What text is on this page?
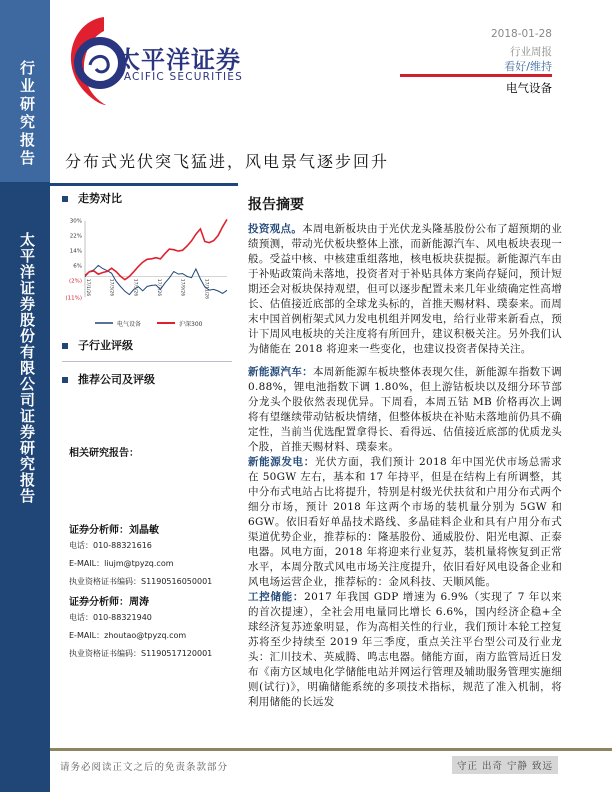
行业研究报告
太平洋证券股份有限公司证券研究报告
太平洋证券
PACIFIC SECURITIES
2018-01-28
行业周报
看好/维持
电气设备
分布式光伏突飞猛进，风电景气逐步回升
走势对比
30%
22%
14%
6%
(2%)
(11%)
17/1/26	17/3/26	17/5/26	17/7/26	17/9/26	17/11/26
电气设备	沪深300
子行业评级
推荐公司及评级
相关研究报告：
证券分析师：刘晶敏
电话：010-88321616
E-MAIL：liujm@tpyzq.com
执业资格证书编码：S1190516050001
证券分析师：周涛
电话：010-88321940
E-MAIL：zhoutao@tpyzq.com
执业资格证书编码：S1190517120001
报告摘要
投资观点。本周电新板块由于光伏龙头隆基股份公布了超预期的业绩预测，带动光伏板块整体上涨，而新能源汽车、风电板块表现一般。受益中核、中核建重组落地，核电板块获提振。新能源汽车由于补贴政策尚未落地，投资者对于补贴具体方案尚存疑问，预计短期还会对板块保持观望，但可以逐步配置未来几年业绩确定性高增长、估值接近底部的全球龙头标的，首推天赐材料、璞泰来。而周末中国首例桁架式风力发电机组并网发电，给行业带来新看点，预计下周风电板块的关注度将有所回升，建议积极关注。另外我们认为储能在 2018 将迎来一些变化，也建议投资者保持关注。
新能源汽车：本周新能源车板块整体表现欠佳，新能源车指数下调 0.88%，锂电池指数下调 1.80%，但上游钴板块以及细分环节部分龙头个股依然表现优异。下周看，本周五钴 MB 价格再次上调将有望继续带动钴板块情绪，但整体板块在补贴未落地前仍具不确定性，当前当优选配置拿得长、看得远、估值接近底部的优质龙头个股，首推天赐材料、璞泰来。
新能源发电：光伏方面，我们预计 2018 年中国光伏市场总需求在 50GW 左右，基本和 17 年持平，但是在结构上有所调整，其中分布式电站占比将提升，特别是村级光伏扶贫和户用分布式两个细分市场，预计 2018 年这两个市场的装机量分别为 5GW 和 6GW。依旧看好单晶技术路线、多晶硅料企业和具有户用分布式渠道优势企业，推荐标的：隆基股份、通威股份、阳光电源、正泰电器。风电方面，2018 年将迎来行业复苏，装机量将恢复到正常水平，本周分散式风电市场关注度提升，依旧看好风电设备企业和风电场运营企业，推荐标的：金风科技、天顺风能。
工控储能：2017 年我国 GDP 增速为 6.9%（实现了 7 年以来的首次提速），全社会用电量同比增长 6.6%，国内经济企稳+全球经济复苏迹象明显，作为高相关性的行业，我们预计本轮工控复苏将至少持续至 2019 年三季度，重点关注平台型公司及行业龙头：汇川技术、英威腾、鸣志电器。储能方面，南方监管局近日发布《南方区域电化学储能电站并网运行管理及辅助服务管理实施细则(试行)》，明确储能系统的多项技术指标，规范了准入机制，将利用储能的长远发
请务必阅读正文之后的免责条款部分	守正 出奇 宁静 致远
